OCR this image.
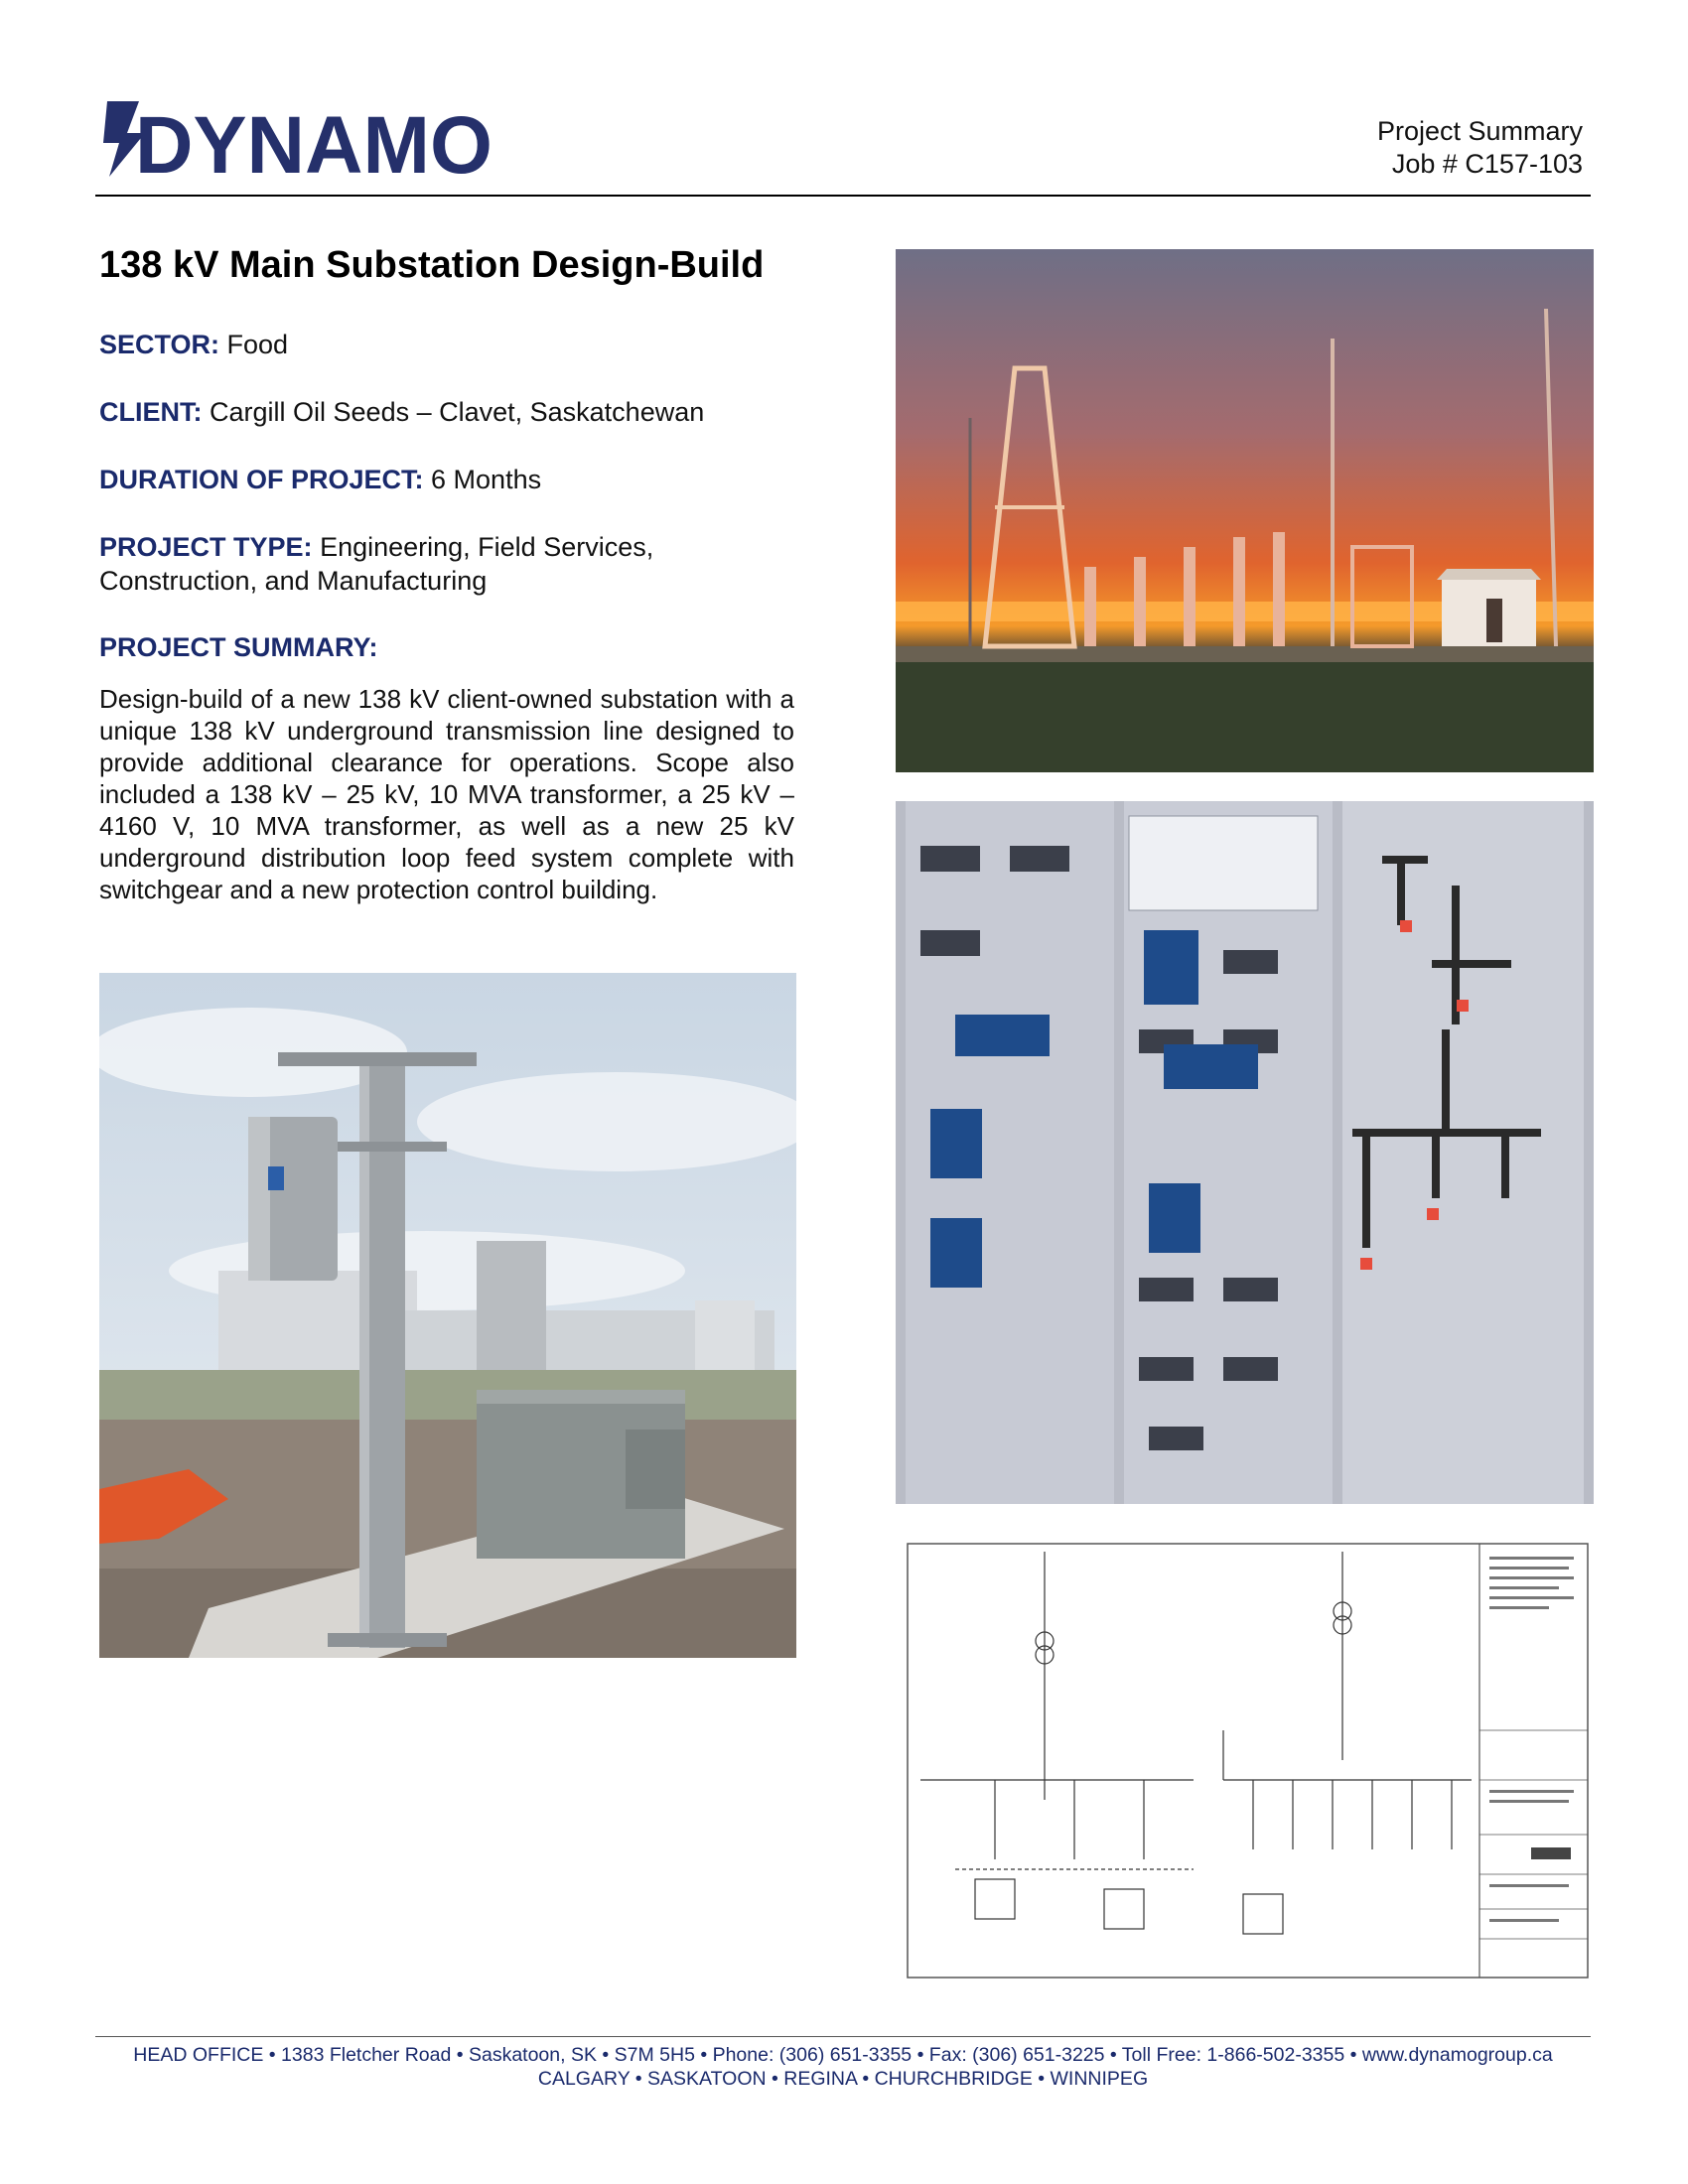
DYNAMO	Project Summary
Job # C157-103
138 kV Main Substation Design-Build
SECTOR: Food
CLIENT: Cargill Oil Seeds – Clavet, Saskatchewan
DURATION OF PROJECT: 6 Months
PROJECT TYPE: Engineering, Field Services, Construction, and Manufacturing
PROJECT SUMMARY:
Design-build of a new 138 kV client-owned substation with a unique 138 kV underground transmission line designed to provide additional clearance for operations. Scope also included a 138 kV – 25 kV, 10 MVA transformer, a 25 kV – 4160 V, 10 MVA transformer, as well as a new 25 kV underground distribution loop feed system complete with switchgear and a new protection control building.
HEAD OFFICE • 1383 Fletcher Road • Saskatoon, SK • S7M 5H5 • Phone: (306) 651-3355 • Fax: (306) 651-3225 • Toll Free: 1-866-502-3355 • www.dynamogroup.ca
CALGARY • SASKATOON • REGINA • CHURCHBRIDGE • WINNIPEG
